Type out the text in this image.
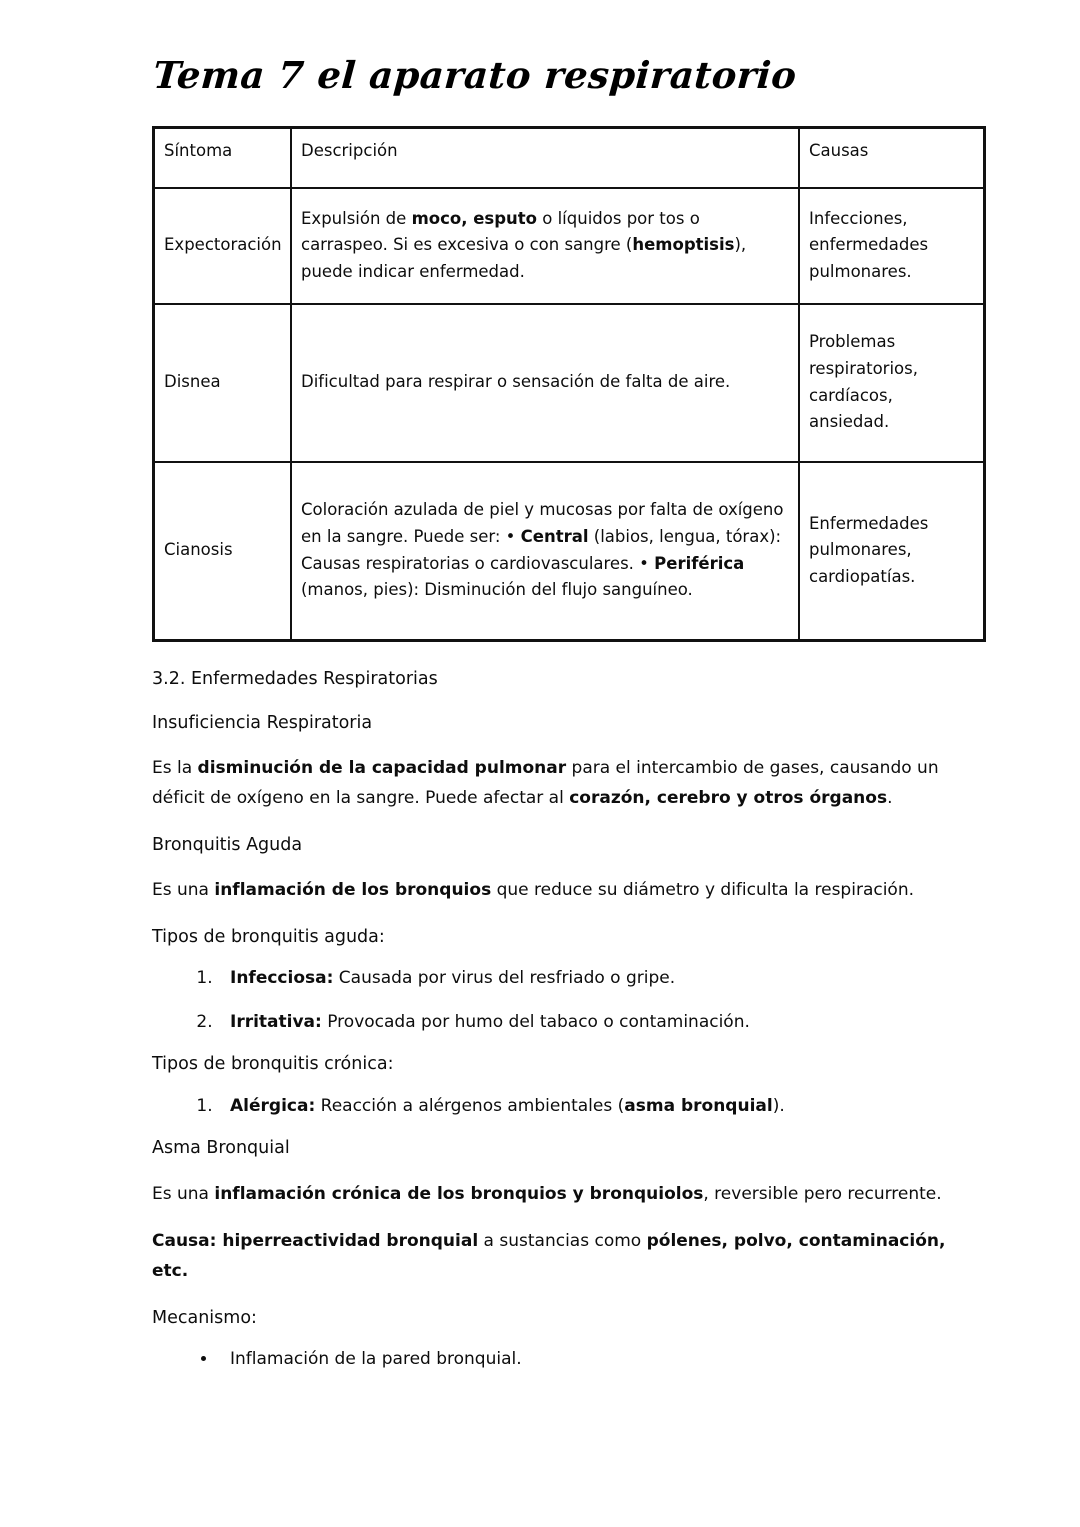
Tema 7 el aparato respiratorio
Síntoma	Descripción	Causas
Expectoración	Expulsión de moco, esputo o líquidos por tos o carraspeo. Si es excesiva o con sangre (hemoptisis), puede indicar enfermedad.	Infecciones, enfermedades pulmonares.
Disnea	Dificultad para respirar o sensación de falta de aire.	Problemas respiratorios, cardíacos, ansiedad.
Cianosis	Coloración azulada de piel y mucosas por falta de oxígeno en la sangre. Puede ser: • Central (labios, lengua, tórax): Causas respiratorias o cardiovasculares. • Periférica (manos, pies): Disminución del flujo sanguíneo.	Enfermedades pulmonares, cardiopatías.

3.2. Enfermedades Respiratorias

Insuficiencia Respiratoria

Es la disminución de la capacidad pulmonar para el intercambio de gases, causando un déficit de oxígeno en la sangre. Puede afectar al corazón, cerebro y otros órganos.

Bronquitis Aguda

Es una inflamación de los bronquios que reduce su diámetro y dificulta la respiración.

Tipos de bronquitis aguda:

1. Infecciosa: Causada por virus del resfriado o gripe.
2. Irritativa: Provocada por humo del tabaco o contaminación.

Tipos de bronquitis crónica:

1. Alérgica: Reacción a alérgenos ambientales (asma bronquial).

Asma Bronquial

Es una inflamación crónica de los bronquios y bronquiolos, reversible pero recurrente.

Causa: hiperreactividad bronquial a sustancias como pólenes, polvo, contaminación, etc.

Mecanismo:

• Inflamación de la pared bronquial.
